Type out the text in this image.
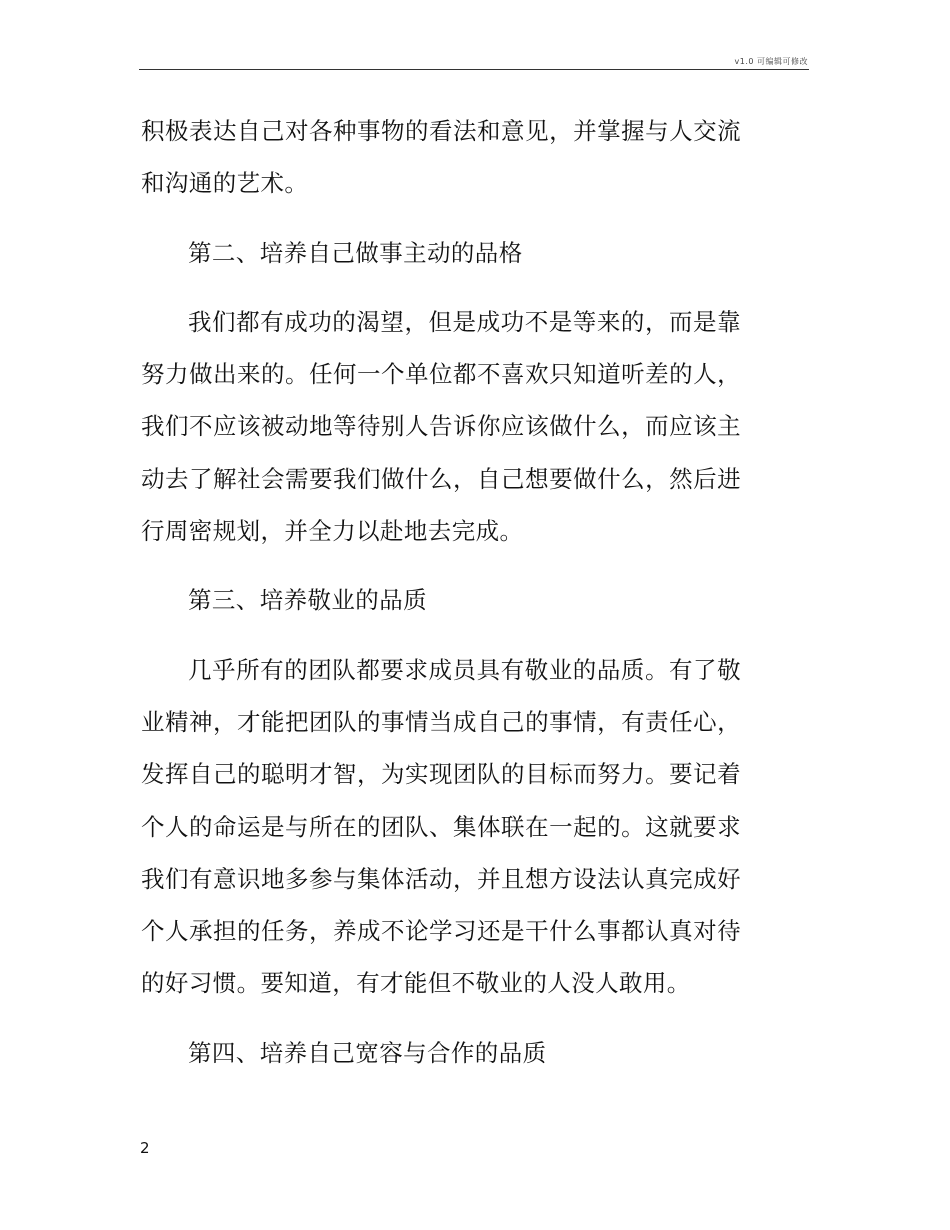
v1.0 可编辑可修改

积极表达自己对各种事物的看法和意见，并掌握与人交流和沟通的艺术。

第二、培养自己做事主动的品格

我们都有成功的渴望，但是成功不是等来的，而是靠努力做出来的。任何一个单位都不喜欢只知道听差的人，我们不应该被动地等待别人告诉你应该做什么，而应该主动去了解社会需要我们做什么，自己想要做什么，然后进行周密规划，并全力以赴地去完成。

第三、培养敬业的品质

几乎所有的团队都要求成员具有敬业的品质。有了敬业精神，才能把团队的事情当成自己的事情，有责任心，发挥自己的聪明才智，为实现团队的目标而努力。要记着个人的命运是与所在的团队、集体联在一起的。这就要求我们有意识地多参与集体活动，并且想方设法认真完成好个人承担的任务，养成不论学习还是干什么事都认真对待的好习惯。要知道，有才能但不敬业的人没人敢用。

第四、培养自己宽容与合作的品质

2
